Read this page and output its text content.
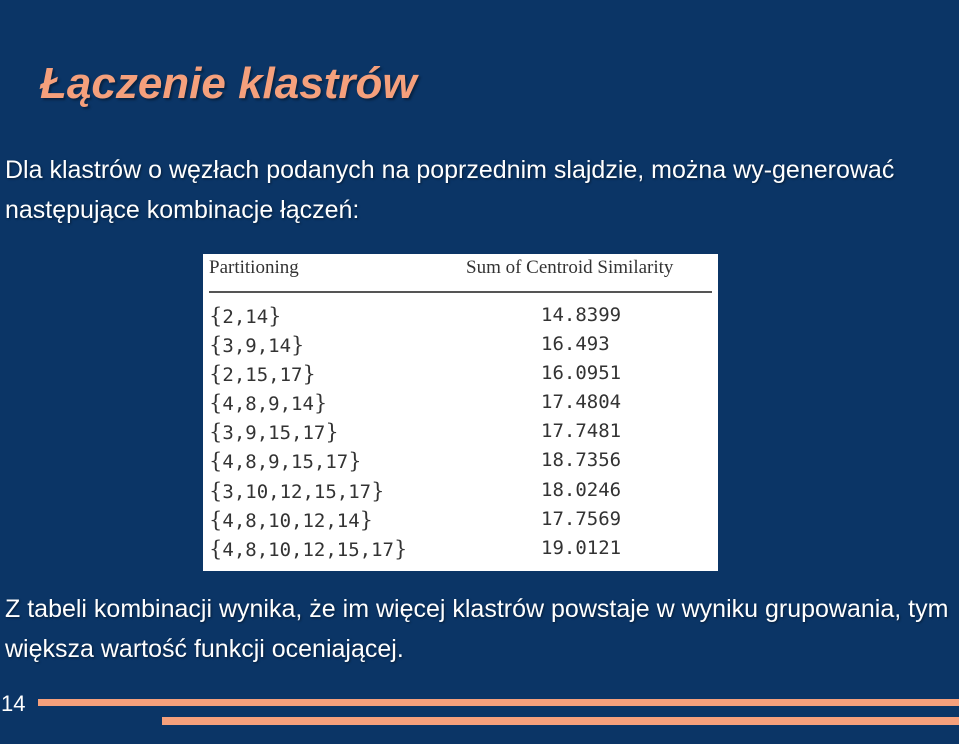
Łączenie klastrów

Dla klastrów o węzłach podanych na poprzednim slajdzie, można wy-generować następujące kombinacje łączeń:

Partitioning	Sum of Centroid Similarity
{2,14}	14.8399
{3,9,14}	16.493
{2,15,17}	16.0951
{4,8,9,14}	17.4804
{3,9,15,17}	17.7481
{4,8,9,15,17}	18.7356
{3,10,12,15,17}	18.0246
{4,8,10,12,14}	17.7569
{4,8,10,12,15,17}	19.0121

Z tabeli kombinacji wynika, że im więcej klastrów powstaje w wyniku grupowania, tym większa wartość funkcji oceniającej.

14
